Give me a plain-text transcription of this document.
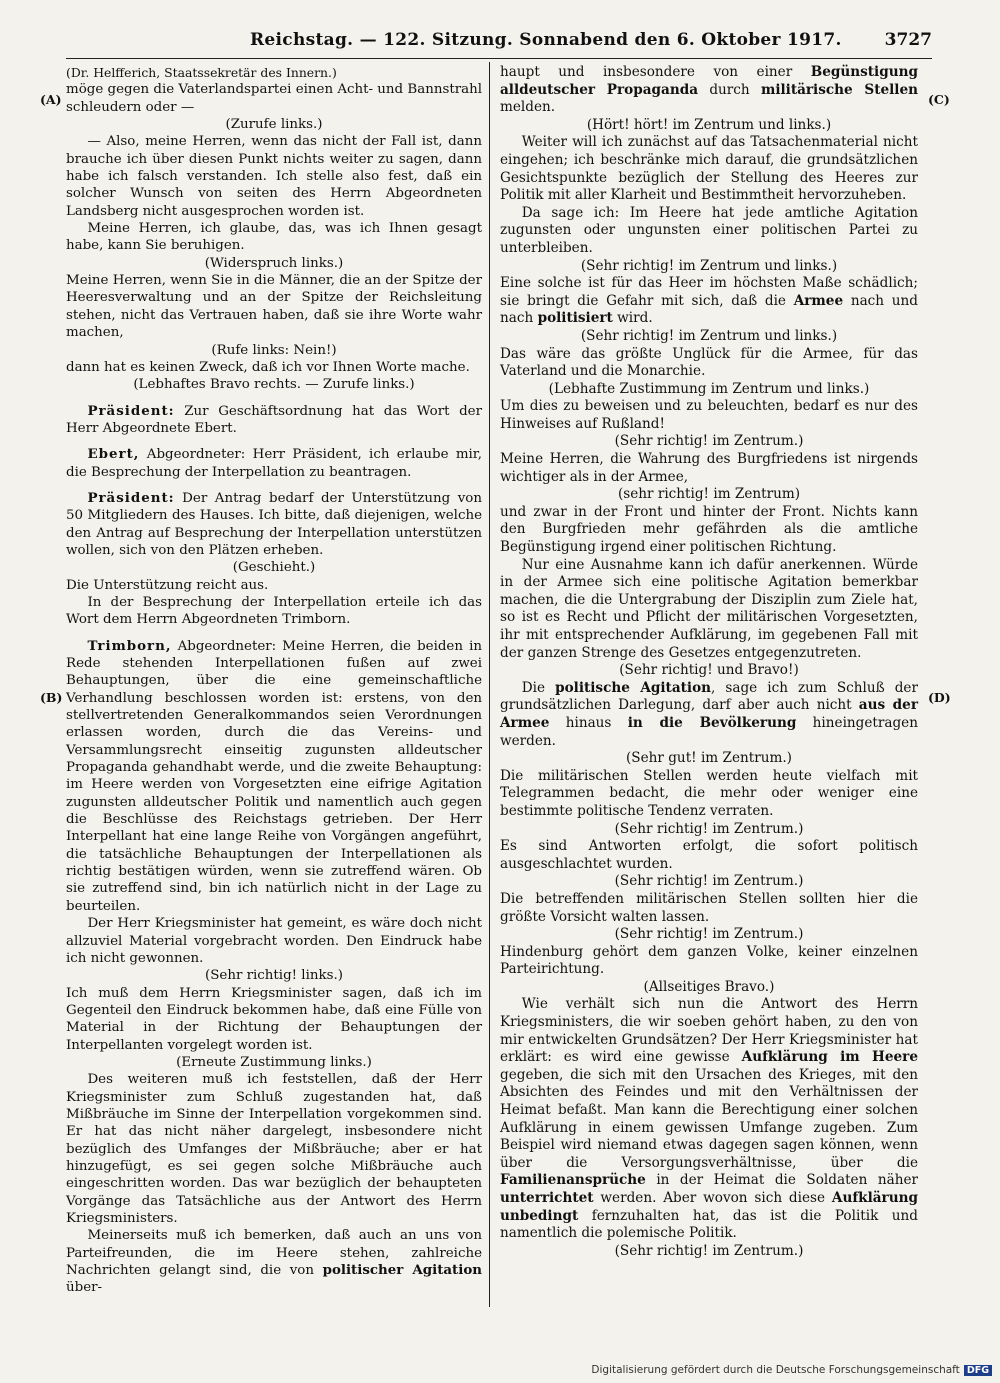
Reichstag. — 122. Sitzung. Sonnabend den 6. Oktober 1917.	3727
(A)
(B)
(C)
(D)

(Dr. Helfferich, Staatssekretär des Innern.)

möge gegen die Vaterlandspartei einen Acht- und Bannstrahl schleudern oder —

(Zurufe links.)

— Also, meine Herren, wenn das nicht der Fall ist, dann brauche ich über diesen Punkt nichts weiter zu sagen, dann habe ich falsch verstanden. Ich stelle also fest, daß ein solcher Wunsch von seiten des Herrn Abgeordneten Landsberg nicht ausgesprochen worden ist.

Meine Herren, ich glaube, das, was ich Ihnen gesagt habe, kann Sie beruhigen.

(Widerspruch links.)

Meine Herren, wenn Sie in die Männer, die an der Spitze der Heeresverwaltung und an der Spitze der Reichsleitung stehen, nicht das Vertrauen haben, daß sie ihre Worte wahr machen,

(Rufe links: Nein!)

dann hat es keinen Zweck, daß ich vor Ihnen Worte mache.

(Lebhaftes Bravo rechts. — Zurufe links.)

Präsident: Zur Geschäftsordnung hat das Wort der Herr Abgeordnete Ebert.

Ebert, Abgeordneter: Herr Präsident, ich erlaube mir, die Besprechung der Interpellation zu beantragen.

Präsident: Der Antrag bedarf der Unterstützung von 50 Mitgliedern des Hauses. Ich bitte, daß diejenigen, welche den Antrag auf Besprechung der Interpellation unterstützen wollen, sich von den Plätzen erheben.

(Geschieht.)

Die Unterstützung reicht aus.

In der Besprechung der Interpellation erteile ich das Wort dem Herrn Abgeordneten Trimborn.

Trimborn, Abgeordneter: Meine Herren, die beiden in Rede stehenden Interpellationen fußen auf zwei Behauptungen, über die eine gemeinschaftliche Verhandlung beschlossen worden ist: erstens, von den stellvertretenden Generalkommandos seien Verordnungen erlassen worden, durch die das Vereins- und Versammlungsrecht einseitig zugunsten alldeutscher Propaganda gehandhabt werde, und die zweite Behauptung: im Heere werden von Vorgesetzten eine eifrige Agitation zugunsten alldeutscher Politik und namentlich auch gegen die Beschlüsse des Reichstags getrieben. Der Herr Interpellant hat eine lange Reihe von Vorgängen angeführt, die tatsächliche Behauptungen der Interpellationen als richtig bestätigen würden, wenn sie zutreffend wären. Ob sie zutreffend sind, bin ich natürlich nicht in der Lage zu beurteilen.

Der Herr Kriegsminister hat gemeint, es wäre doch nicht allzuviel Material vorgebracht worden. Den Eindruck habe ich nicht gewonnen.

(Sehr richtig! links.)

Ich muß dem Herrn Kriegsminister sagen, daß ich im Gegenteil den Eindruck bekommen habe, daß eine Fülle von Material in der Richtung der Behauptungen der Interpellanten vorgelegt worden ist.

(Erneute Zustimmung links.)

Des weiteren muß ich feststellen, daß der Herr Kriegsminister zum Schluß zugestanden hat, daß Mißbräuche im Sinne der Interpellation vorgekommen sind. Er hat das nicht näher dargelegt, insbesondere nicht bezüglich des Umfanges der Mißbräuche; aber er hat hinzugefügt, es sei gegen solche Mißbräuche auch eingeschritten worden. Das war bezüglich der behaupteten Vorgänge das Tatsächliche aus der Antwort des Herrn Kriegsministers.

Meinerseits muß ich bemerken, daß auch an uns von Parteifreunden, die im Heere stehen, zahlreiche Nachrichten gelangt sind, die von politischer Agitation über-

haupt und insbesondere von einer Begünstigung alldeutscher Propaganda durch militärische Stellen melden.

(Hört! hört! im Zentrum und links.)

Weiter will ich zunächst auf das Tatsachenmaterial nicht eingehen; ich beschränke mich darauf, die grundsätzlichen Gesichtspunkte bezüglich der Stellung des Heeres zur Politik mit aller Klarheit und Bestimmtheit hervorzuheben.

Da sage ich: Im Heere hat jede amtliche Agitation zugunsten oder ungunsten einer politischen Partei zu unterbleiben.

(Sehr richtig! im Zentrum und links.)

Eine solche ist für das Heer im höchsten Maße schädlich; sie bringt die Gefahr mit sich, daß die Armee nach und nach politisiert wird.

(Sehr richtig! im Zentrum und links.)

Das wäre das größte Unglück für die Armee, für das Vaterland und die Monarchie.

(Lebhafte Zustimmung im Zentrum und links.)

Um dies zu beweisen und zu beleuchten, bedarf es nur des Hinweises auf Rußland!

(Sehr richtig! im Zentrum.)

Meine Herren, die Wahrung des Burgfriedens ist nirgends wichtiger als in der Armee,

(sehr richtig! im Zentrum)

und zwar in der Front und hinter der Front. Nichts kann den Burgfrieden mehr gefährden als die amtliche Begünstigung irgend einer politischen Richtung.

Nur eine Ausnahme kann ich dafür anerkennen. Würde in der Armee sich eine politische Agitation bemerkbar machen, die die Untergrabung der Disziplin zum Ziele hat, so ist es Recht und Pflicht der militärischen Vorgesetzten, ihr mit entsprechender Aufklärung, im gegebenen Fall mit der ganzen Strenge des Gesetzes entgegenzutreten.

(Sehr richtig! und Bravo!)

Die politische Agitation, sage ich zum Schluß der grundsätzlichen Darlegung, darf aber auch nicht aus der Armee hinaus in die Bevölkerung hineingetragen werden.

(Sehr gut! im Zentrum.)

Die militärischen Stellen werden heute vielfach mit Telegrammen bedacht, die mehr oder weniger eine bestimmte politische Tendenz verraten.

(Sehr richtig! im Zentrum.)

Es sind Antworten erfolgt, die sofort politisch ausgeschlachtet wurden.

(Sehr richtig! im Zentrum.)

Die betreffenden militärischen Stellen sollten hier die größte Vorsicht walten lassen.

(Sehr richtig! im Zentrum.)

Hindenburg gehört dem ganzen Volke, keiner einzelnen Parteirichtung.

(Allseitiges Bravo.)

Wie verhält sich nun die Antwort des Herrn Kriegsministers, die wir soeben gehört haben, zu den von mir entwickelten Grundsätzen? Der Herr Kriegsminister hat erklärt: es wird eine gewisse Aufklärung im Heere gegeben, die sich mit den Ursachen des Krieges, mit den Absichten des Feindes und mit den Verhältnissen der Heimat befaßt. Man kann die Berechtigung einer solchen Aufklärung in einem gewissen Umfange zugeben. Zum Beispiel wird niemand etwas dagegen sagen können, wenn über die Versorgungsverhältnisse, über die Familienansprüche in der Heimat die Soldaten näher unterrichtet werden. Aber wovon sich diese Aufklärung unbedingt fernzuhalten hat, das ist die Politik und namentlich die polemische Politik.

(Sehr richtig! im Zentrum.)

Digitalisierung gefördert durch die Deutsche Forschungsgemeinschaft DFG
